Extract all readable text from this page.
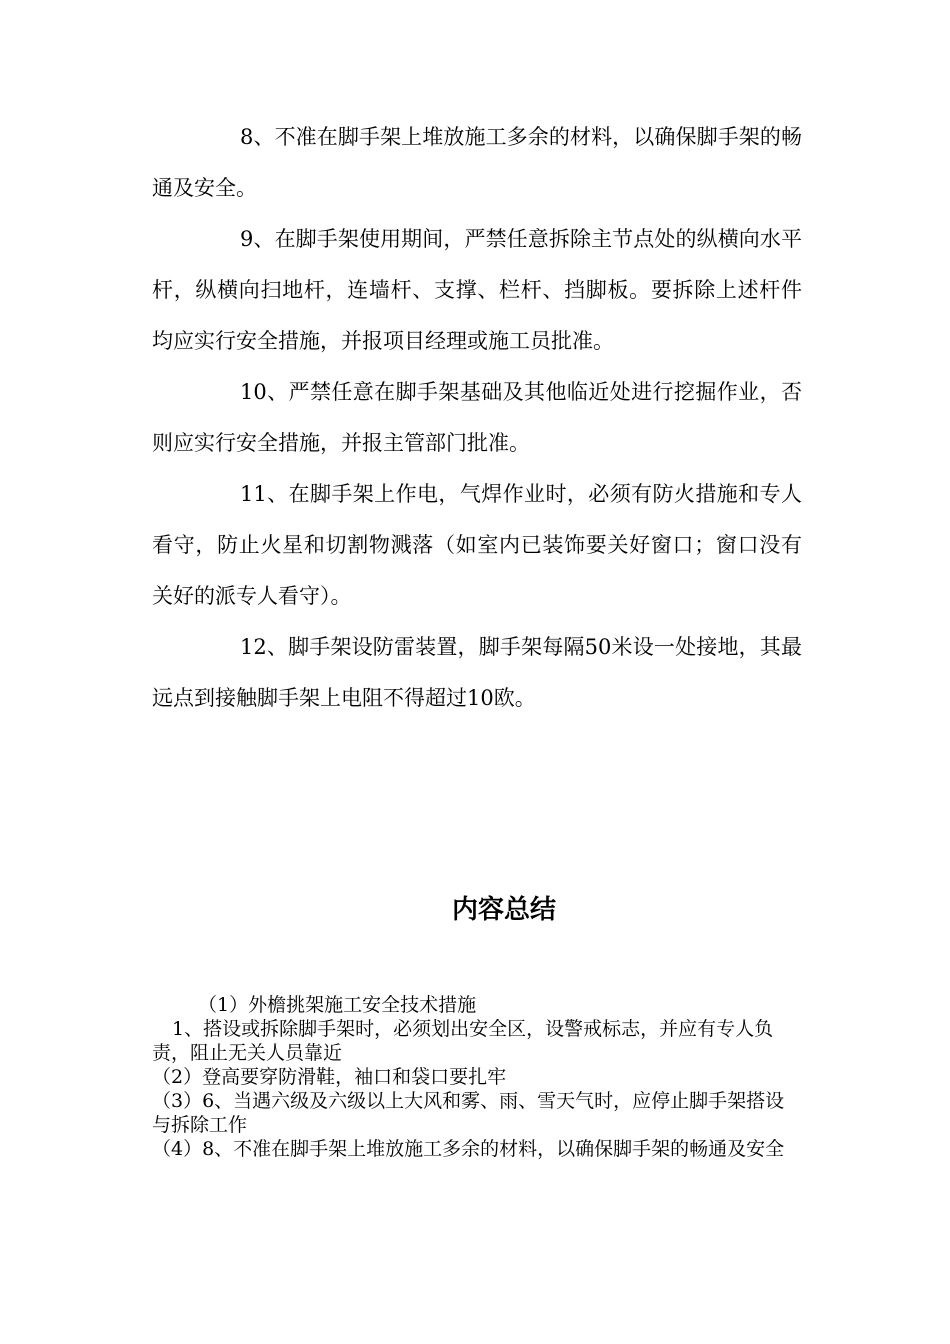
8、不准在脚手架上堆放施工多余的材料，以确保脚手架的畅通及安全。

9、在脚手架使用期间，严禁任意拆除主节点处的纵横向水平杆，纵横向扫地杆，连墙杆、支撑、栏杆、挡脚板。要拆除上述杆件均应实行安全措施，并报项目经理或施工员批准。

10、严禁任意在脚手架基础及其他临近处进行挖掘作业，否则应实行安全措施，并报主管部门批准。

11、在脚手架上作电，气焊作业时，必须有防火措施和专人看守，防止火星和切割物溅落（如室内已装饰要关好窗口；窗口没有关好的派专人看守）。

12、脚手架设防雷装置，脚手架每隔50米设一处接地，其最远点到接触脚手架上电阻不得超过10欧。

内容总结

（1）外檐挑架施工安全技术措施

1、搭设或拆除脚手架时，必须划出安全区，设警戒标志，并应有专人负责，阻止无关人员靠近

（2）登高要穿防滑鞋，袖口和袋口要扎牢

（3）6、当遇六级及六级以上大风和雾、雨、雪天气时，应停止脚手架搭设与拆除工作

（4）8、不准在脚手架上堆放施工多余的材料，以确保脚手架的畅通及安全
